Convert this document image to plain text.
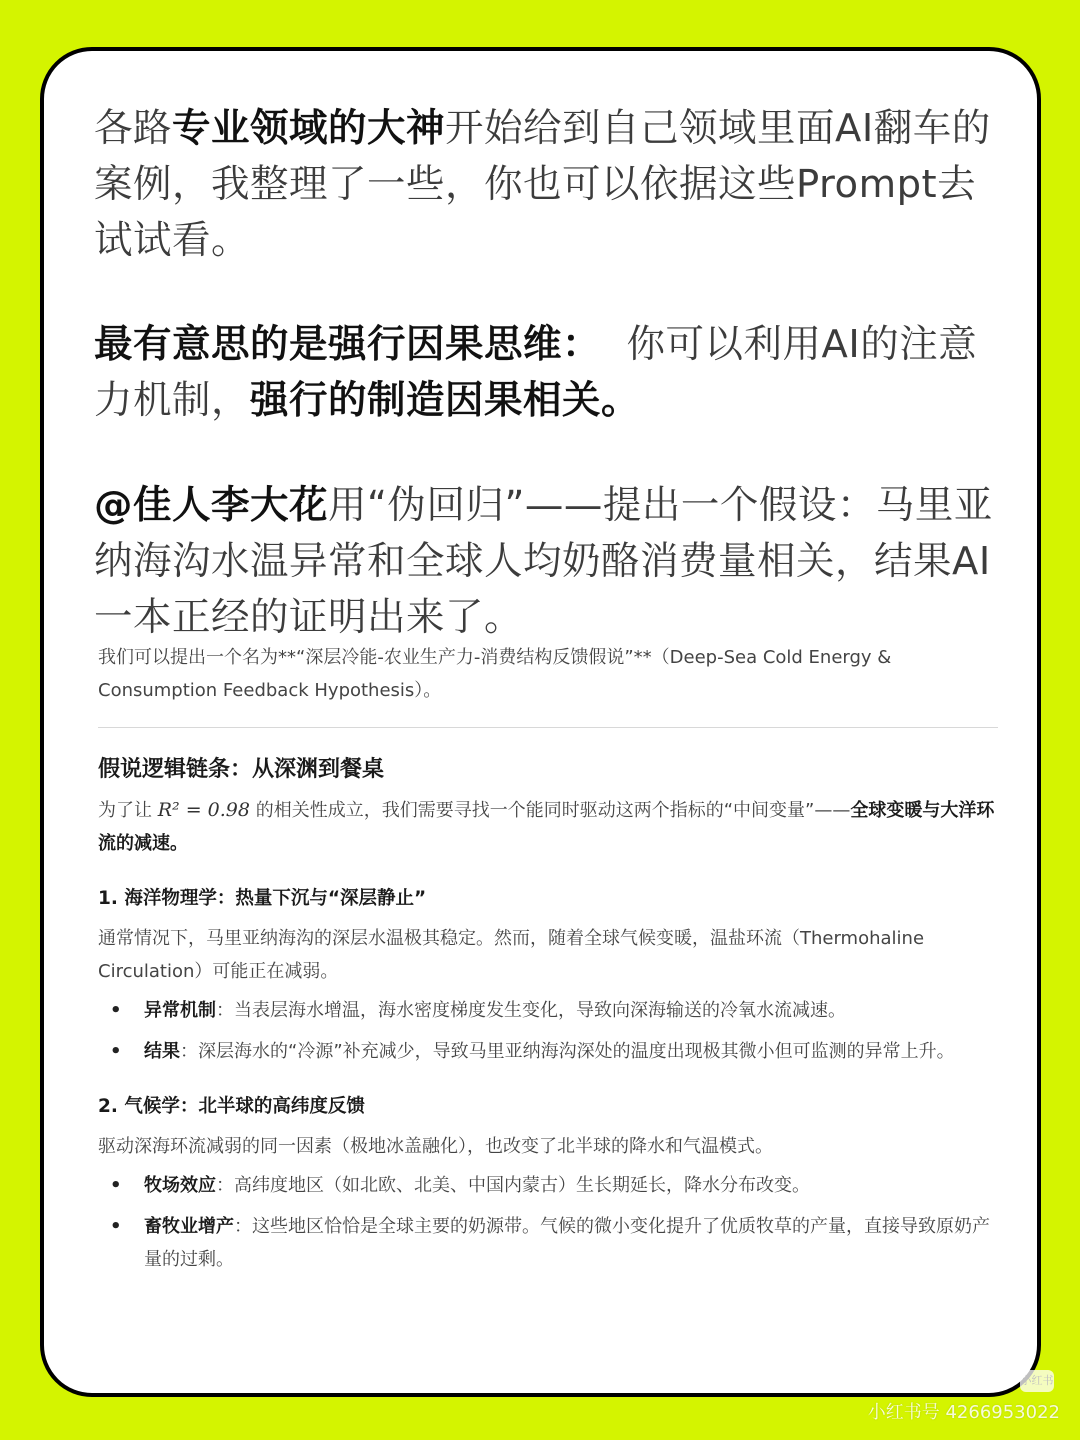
各路专业领域的大神开始给到自己领域里面AI翻车的案例，我整理了一些，你也可以依据这些Prompt去试试看。
最有意思的是强行因果思维：  你可以利用AI的注意力机制，强行的制造因果相关。
@佳人李大花用“伪回归”——提出一个假设：马里亚纳海沟水温异常和全球人均奶酪消费量相关，结果AI一本正经的证明出来了。
我们可以提出一个名为**“深层冷能-农业生产力-消费结构反馈假说”**（Deep-Sea Cold Energy & Consumption Feedback Hypothesis）。
假说逻辑链条：从深渊到餐桌

为了让 R² = 0.98 的相关性成立，我们需要寻找一个能同时驱动这两个指标的“中间变量”——全球变暖与大洋环流的减速。

1. 海洋物理学：热量下沉与“深层静止”

通常情况下，马里亚纳海沟的深层水温极其稳定。然而，随着全球气候变暖，温盐环流（Thermohaline Circulation）可能正在减弱。

• 异常机制：当表层海水增温，海水密度梯度发生变化，导致向深海输送的冷氧水流减速。
• 结果：深层海水的“冷源”补充减少，导致马里亚纳海沟深处的温度出现极其微小但可监测的异常上升。
2. 气候学：北半球的高纬度反馈

驱动深海环流减弱的同一因素（极地冰盖融化），也改变了北半球的降水和气温模式。

• 牧场效应：高纬度地区（如北欧、北美、中国内蒙古）生长期延长，降水分布改变。
• 畜牧业增产：这些地区恰恰是全球主要的奶源带。气候的微小变化提升了优质牧草的产量，直接导致原奶产量的过剩。
小红书
小红书号 4266953022
